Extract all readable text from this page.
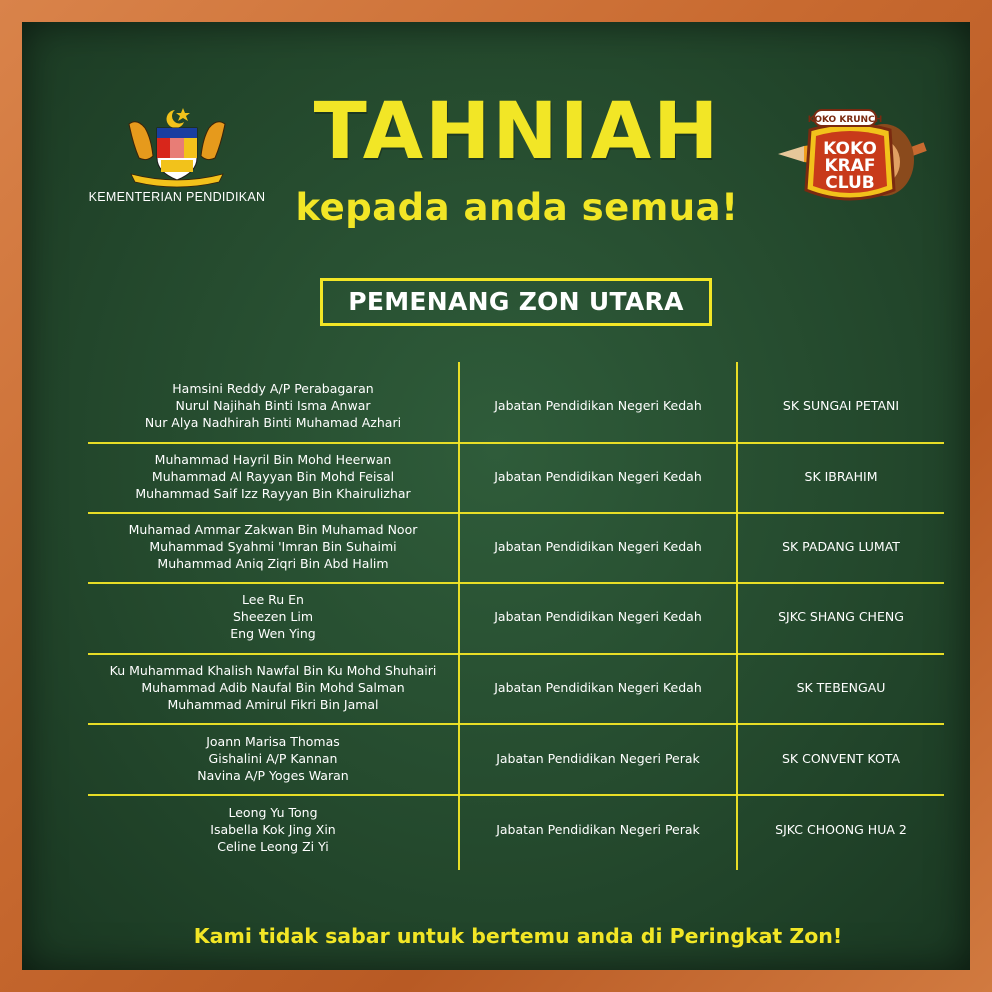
KEMENTERIAN PENDIDIKAN
TAHNIAH
kepada anda semua!
KOKO KRUNCH
KOKO
KRAF
CLUB
PEMENANG ZON UTARA
Hamsini Reddy A/P Perabagaran
Nurul Najihah Binti Isma Anwar
Nur Alya Nadhirah Binti Muhamad Azhari
Jabatan Pendidikan Negeri Kedah	SK SUNGAI PETANI
Muhammad Hayril Bin Mohd Heerwan
Muhammad Al Rayyan Bin Mohd Feisal
Muhammad Saif Izz Rayyan Bin Khairulizhar
Jabatan Pendidikan Negeri Kedah	SK IBRAHIM
Muhamad Ammar Zakwan Bin Muhamad Noor
Muhammad Syahmi 'Imran Bin Suhaimi
Muhammad Aniq Ziqri Bin Abd Halim
Jabatan Pendidikan Negeri Kedah	SK PADANG LUMAT
Lee Ru En
Sheezen Lim
Eng Wen Ying
Jabatan Pendidikan Negeri Kedah	SJKC SHANG CHENG
Ku Muhammad Khalish Nawfal Bin Ku Mohd Shuhairi
Muhammad Adib Naufal Bin Mohd Salman
Muhammad Amirul Fikri Bin Jamal
Jabatan Pendidikan Negeri Kedah	SK TEBENGAU
Joann Marisa Thomas
Gishalini A/P Kannan
Navina A/P Yoges Waran
Jabatan Pendidikan Negeri Perak	SK CONVENT KOTA
Leong Yu Tong
Isabella Kok Jing Xin
Celine Leong Zi Yi
Jabatan Pendidikan Negeri Perak	SJKC CHOONG HUA 2
Kami tidak sabar untuk bertemu anda di Peringkat Zon!
